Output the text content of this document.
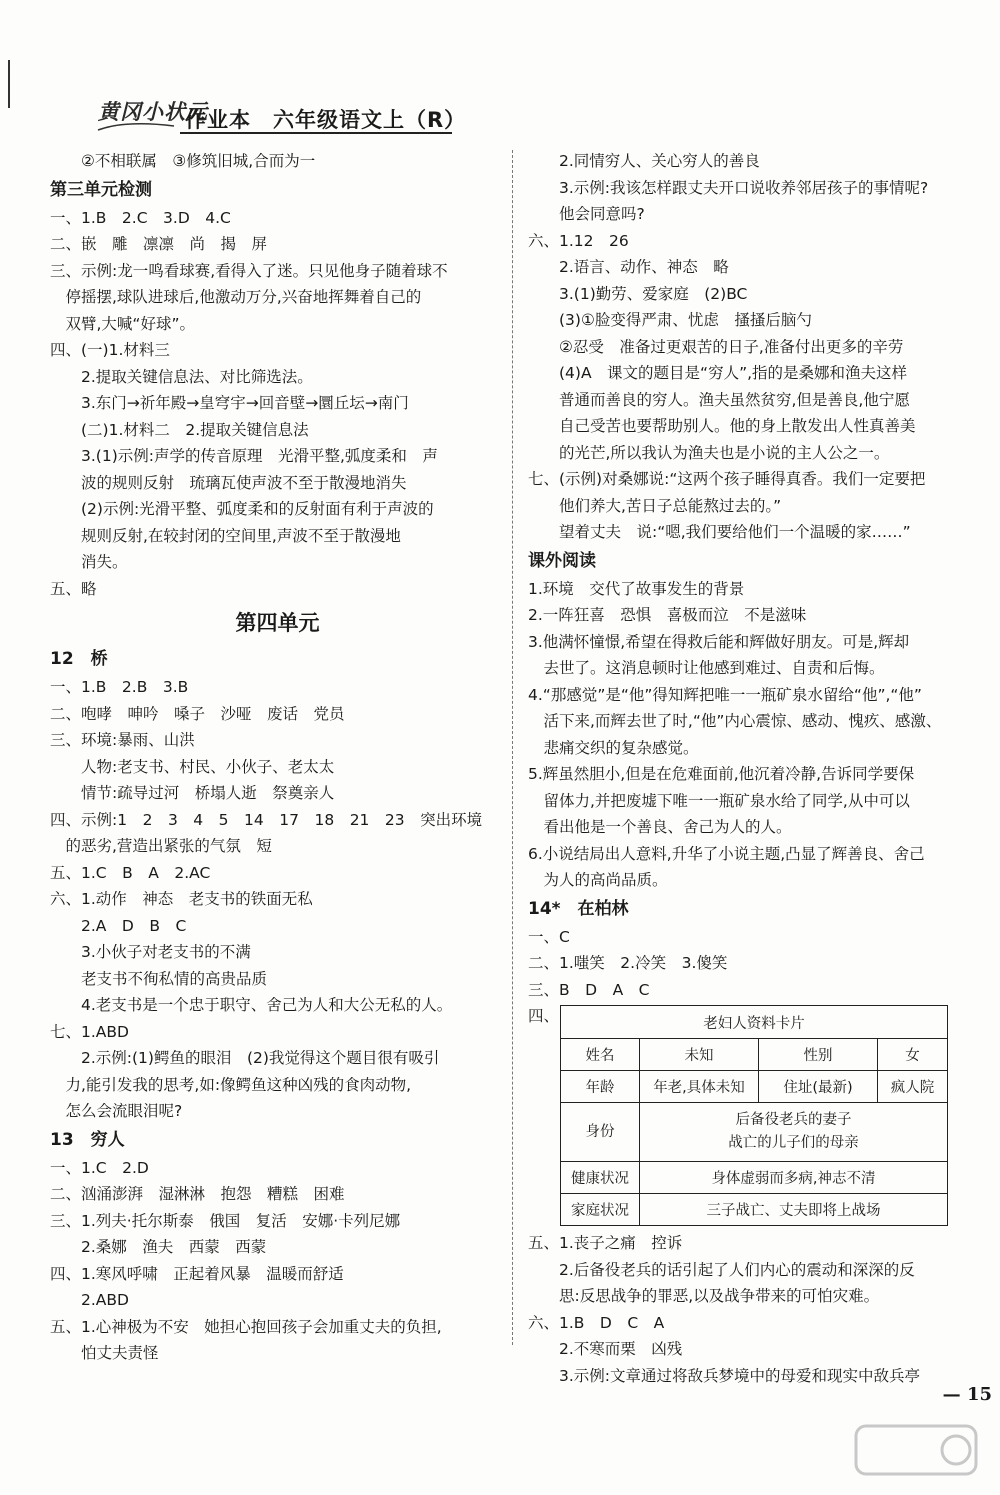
黄冈小状元
作业本　六年级语文上（R）
　　②不相联属　③修筑旧城,合而为一
第三单元检测
一、1.B　2.C　3.D　4.C
二、嵌　雕　凛凛　尚　揭　屏
三、示例:龙一鸣看球赛,看得入了迷。只见他身子随着球不
　停摇摆,球队进球后,他激动万分,兴奋地挥舞着自己的
　双臂,大喊“好球”。
四、(一)1.材料三
　　2.提取关键信息法、对比筛选法。
　　3.东门→祈年殿→皇穹宇→回音壁→圜丘坛→南门
　　(二)1.材料二　2.提取关键信息法
　　3.(1)示例:声学的传音原理　光滑平整,弧度柔和　声
　　波的规则反射　琉璃瓦使声波不至于散漫地消失
　　(2)示例:光滑平整、弧度柔和的反射面有利于声波的
　　规则反射,在较封闭的空间里,声波不至于散漫地
　　消失。
五、略
第四单元
12　桥
一、1.B　2.B　3.B
二、咆哮　呻吟　嗓子　沙哑　废话　党员
三、环境:暴雨、山洪
　　人物:老支书、村民、小伙子、老太太
　　情节:疏导过河　桥塌人逝　祭奠亲人
四、示例:1　2　3　4　5　14　17　18　21　23　突出环境
　的恶劣,营造出紧张的气氛　短
五、1.C　B　A　2.AC
六、1.动作　神态　老支书的铁面无私
　　2.A　D　B　C
　　3.小伙子对老支书的不满
　　老支书不徇私情的高贵品质
　　4.老支书是一个忠于职守、舍己为人和大公无私的人。
七、1.ABD
　　2.示例:(1)鳄鱼的眼泪　(2)我觉得这个题目很有吸引
　力,能引发我的思考,如:像鳄鱼这种凶残的食肉动物,
　怎么会流眼泪呢?
13　穷人
一、1.C　2.D
二、汹涌澎湃　湿淋淋　抱怨　糟糕　困难
三、1.列夫·托尔斯泰　俄国　复活　安娜·卡列尼娜
　　2.桑娜　渔夫　西蒙　西蒙
四、1.寒风呼啸　正起着风暴　温暖而舒适
　　2.ABD
五、1.心神极为不安　她担心抱回孩子会加重丈夫的负担,
　　怕丈夫责怪
　　2.同情穷人、关心穷人的善良
　　3.示例:我该怎样跟丈夫开口说收养邻居孩子的事情呢?
　　他会同意吗?
六、1.12　26
　　2.语言、动作、神态　略
　　3.(1)勤劳、爱家庭　(2)BC
　　(3)①脸变得严肃、忧虑　搔搔后脑勺
　　②忍受　准备过更艰苦的日子,准备付出更多的辛劳
　　(4)A　课文的题目是“穷人”,指的是桑娜和渔夫这样
　　普通而善良的穷人。渔夫虽然贫穷,但是善良,他宁愿
　　自己受苦也要帮助别人。他的身上散发出人性真善美
　　的光芒,所以我认为渔夫也是小说的主人公之一。
七、(示例)对桑娜说:“这两个孩子睡得真香。我们一定要把
　　他们养大,苦日子总能熬过去的。”
　　望着丈夫　说:“嗯,我们要给他们一个温暖的家……”
课外阅读
1.环境　交代了故事发生的背景
2.一阵狂喜　恐惧　喜极而泣　不是滋味
3.他满怀憧憬,希望在得救后能和辉做好朋友。可是,辉却
　去世了。这消息顿时让他感到难过、自责和后悔。
4.“那感觉”是“他”得知辉把唯一一瓶矿泉水留给“他”,“他”
　活下来,而辉去世了时,“他”内心震惊、感动、愧疚、感激、
　悲痛交织的复杂感觉。
5.辉虽然胆小,但是在危难面前,他沉着冷静,告诉同学要保
　留体力,并把废墟下唯一一瓶矿泉水给了同学,从中可以
　看出他是一个善良、舍己为人的人。
6.小说结局出人意料,升华了小说主题,凸显了辉善良、舍己
　为人的高尚品质。
14*　在柏林
一、C
二、1.嗤笑　2.冷笑　3.傻笑
三、B　D　A　C
四、	老妇人资料卡片			
姓名	未知	性别	女
年龄	年老,具体未知	住址(最新)	疯人院
身份	后备役老兵的妻子
战亡的儿子们的母亲		

健康状况	身体虚弱而多病,神志不清		
家庭状况	三子战亡、丈夫即将上战场		
五、1.丧子之痛　控诉
　　2.后备役老兵的话引起了人们内心的震动和深深的反
　　思:反思战争的罪恶,以及战争带来的可怕灾难。
六、1.B　D　C　A
　　2.不寒而栗　凶残
　　3.示例:文章通过将敌兵梦境中的母爱和现实中敌兵亭
— 15
